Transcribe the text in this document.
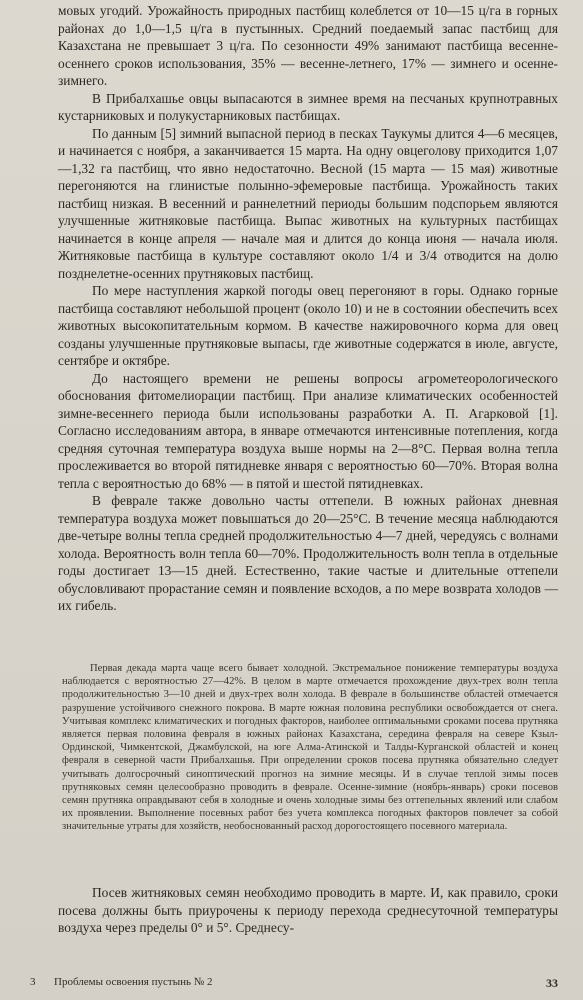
мовых угодий. Урожайность природных пастбищ колеблется от 10—15 ц/га в горных районах до 1,0—1,5 ц/га в пустынных. Средний поедаемый запас пастбищ для Казахстана не превышает 3 ц/га. По сезонности 49% занимают пастбища весенне-осеннего сроков использования, 35% — весенне-летнего, 17% — зимнего и осенне-зимнего.

В Прибалхашье овцы выпасаются в зимнее время на песчаных крупнотравных кустарниковых и полукустарниковых пастбищах.

По данным [5] зимний выпасной период в песках Таукумы длится 4—6 месяцев, и начинается с ноября, а заканчивается 15 марта. На одну овцеголову приходится 1,07—1,32 га пастбищ, что явно недостаточно. Весной (15 марта — 15 мая) животные перегоняются на глинистые полынно-эфемеровые пастбища. Урожайность таких пастбищ низкая. В весенний и раннелетний периоды большим подспорьем являются улучшенные житняковые пастбища. Выпас животных на культурных пастбищах начинается в конце апреля — начале мая и длится до конца июня — начала июля. Житняковые пастбища в культуре составляют около 1/4 и 3/4 отводится на долю позднелетне-осенних прутняковых пастбищ.

По мере наступления жаркой погоды овец перегоняют в горы. Однако горные пастбища составляют небольшой процент (около 10) и не в состоянии обеспечить всех животных высокопитательным кормом. В качестве нажировочного корма для овец созданы улучшенные прутняковые выпасы, где животные содержатся в июле, августе, сентябре и октябре.

До настоящего времени не решены вопросы агрометеорологического обоснования фитомелиорации пастбищ. При анализе климатических особенностей зимне-весеннего периода были использованы разработки А. П. Агарковой [1]. Согласно исследованиям автора, в январе отмечаются интенсивные потепления, когда средняя суточная температура воздуха выше нормы на 2—8°С. Первая волна тепла прослеживается во второй пятидневке января с вероятностью 60—70%. Вторая волна тепла с вероятностью до 68% — в пятой и шестой пятидневках.

В феврале также довольно часты оттепели. В южных районах дневная температура воздуха может повышаться до 20—25°С. В течение месяца наблюдаются две-четыре волны тепла средней продолжительностью 4—7 дней, чередуясь с волнами холода. Вероятность волн тепла 60—70%. Продолжительность волн тепла в отдельные годы достигает 13—15 дней. Естественно, такие частые и длительные оттепели обусловливают прорастание семян и появление всходов, а по мере возврата холодов — их гибель.

Первая декада марта чаще всего бывает холодной. Экстремальное понижение температуры воздуха наблюдается с вероятностью 27—42%. В целом в марте отмечается прохождение двух-трех волн тепла продолжительностью 3—10 дней и двух-трех волн холода. В феврале в большинстве областей отмечается разрушение устойчивого снежного покрова. В марте южная половина республики освобождается от снега. Учитывая комплекс климатических и погодных факторов, наиболее оптимальными сроками посева прутняка является первая половина февраля в южных районах Казахстана, середина февраля на севере Кзыл-Ординской, Чимкентской, Джамбулской, на юге Алма-Атинской и Талды-Курганской областей и конец февраля в северной части Прибалхашья. При определении сроков посева прутняка обязательно следует учитывать долгосрочный синоптический прогноз на зимние месяцы. И в случае теплой зимы посев прутняковых семян целесообразно проводить в феврале. Осенне-зимние (ноябрь-январь) сроки посевов семян прутняка оправдывают себя в холодные и очень холодные зимы без оттепельных явлений или слабом их проявлении. Выполнение посевных работ без учета комплекса погодных факторов повлечет за собой значительные утраты для хозяйств, необоснованный расход дорогостоящего посевного материала.

Посев житняковых семян необходимо проводить в марте. И, как правило, сроки посева должны быть приурочены к периоду перехода среднесуточной температуры воздуха через пределы 0° и 5°. Среднесу-

3 Проблемы освоения пустынь № 2	33
